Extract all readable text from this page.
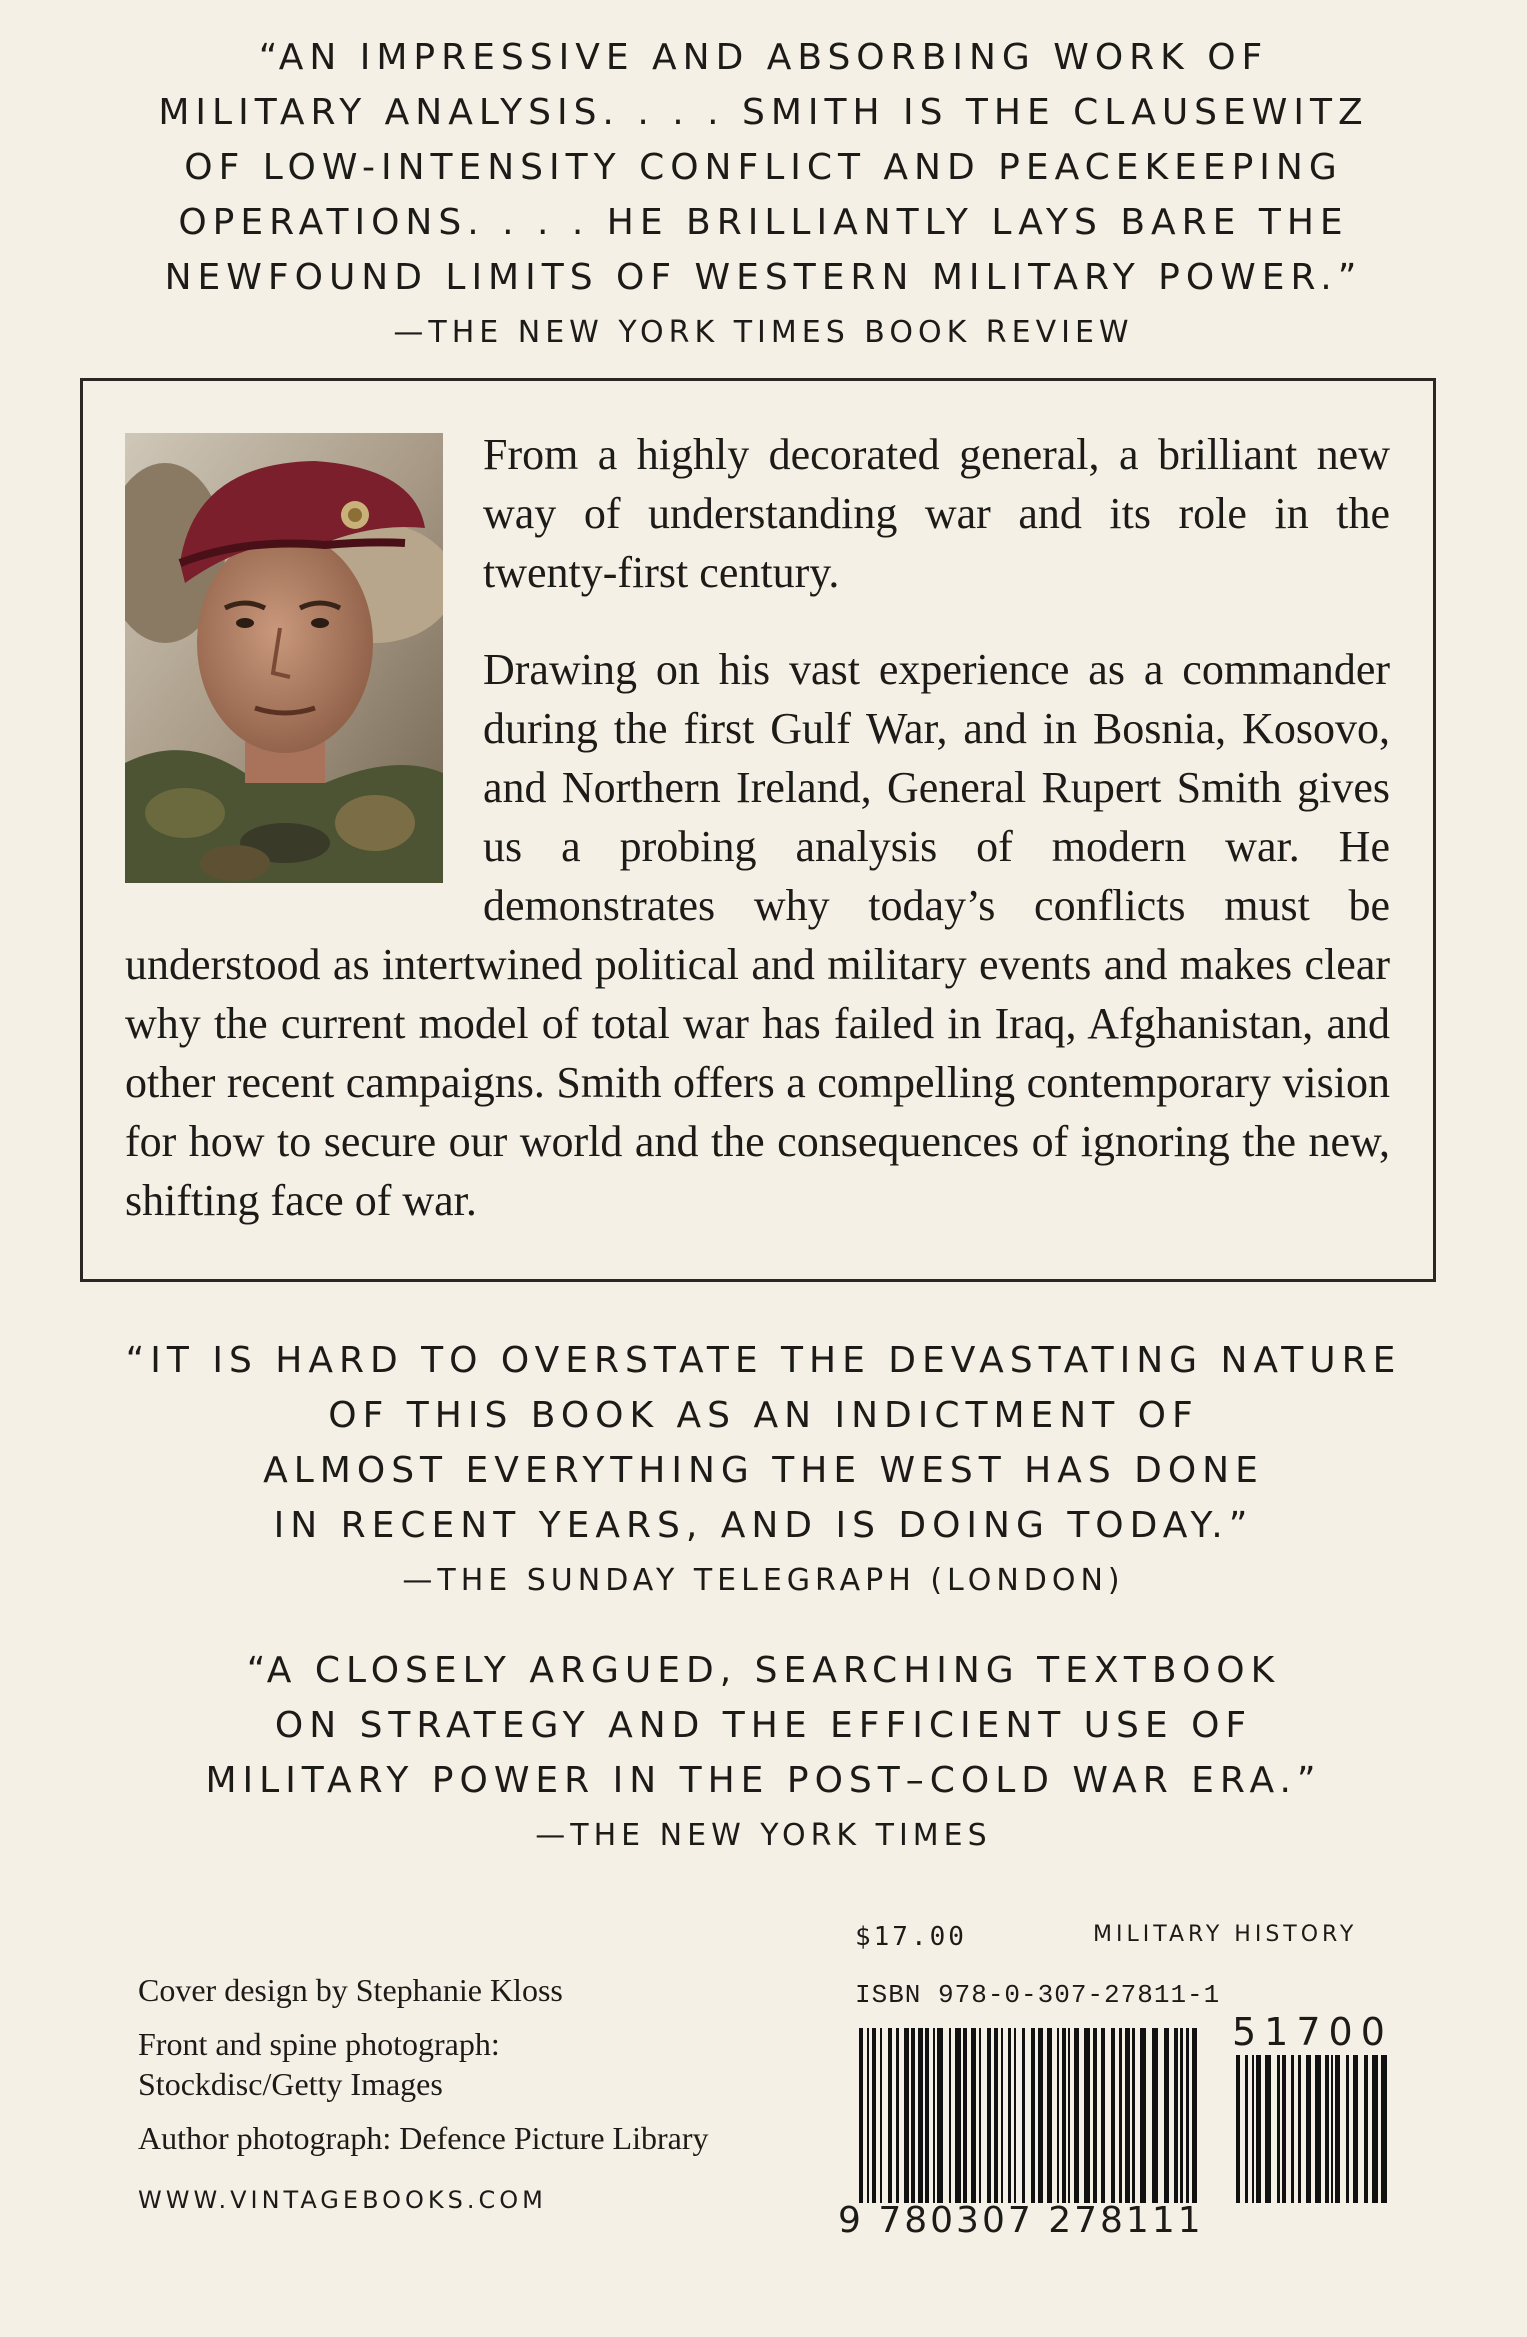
“AN IMPRESSIVE AND ABSORBING WORK OF
MILITARY ANALYSIS. . . . SMITH IS THE CLAUSEWITZ
OF LOW-INTENSITY CONFLICT AND PEACEKEEPING
OPERATIONS. . . . HE BRILLIANTLY LAYS BARE THE
NEWFOUND LIMITS OF WESTERN MILITARY POWER.”
—THE NEW YORK TIMES BOOK REVIEW

From a highly decorated general, a brilliant new way of understanding war and its role in the twenty-first century.

Drawing on his vast experience as a commander during the first Gulf War, and in Bosnia, Kosovo, and Northern Ireland, General Rupert Smith gives us a probing analysis of modern war. He demonstrates why today’s conflicts must be understood as intertwined political and military events and makes clear why the current model of total war has failed in Iraq, Afghanistan, and other recent campaigns. Smith offers a compelling contemporary vision for how to secure our world and the consequences of ignoring the new, shifting face of war.

“IT IS HARD TO OVERSTATE THE DEVASTATING NATURE
OF THIS BOOK AS AN INDICTMENT OF
ALMOST EVERYTHING THE WEST HAS DONE
IN RECENT YEARS, AND IS DOING TODAY.”
—THE SUNDAY TELEGRAPH (LONDON)
“A CLOSELY ARGUED, SEARCHING TEXTBOOK
ON STRATEGY AND THE EFFICIENT USE OF
MILITARY POWER IN THE POST–COLD WAR ERA.”
—THE NEW YORK TIMES
Cover design by Stephanie Kloss
Front and spine photograph:
Stockdisc/Getty Images
Author photograph: Defence Picture Library
WWW.VINTAGEBOOKS.COM
$17.00	MILITARY HISTORY
ISBN 978-0-307-27811-1
51700
9 780307 278111
